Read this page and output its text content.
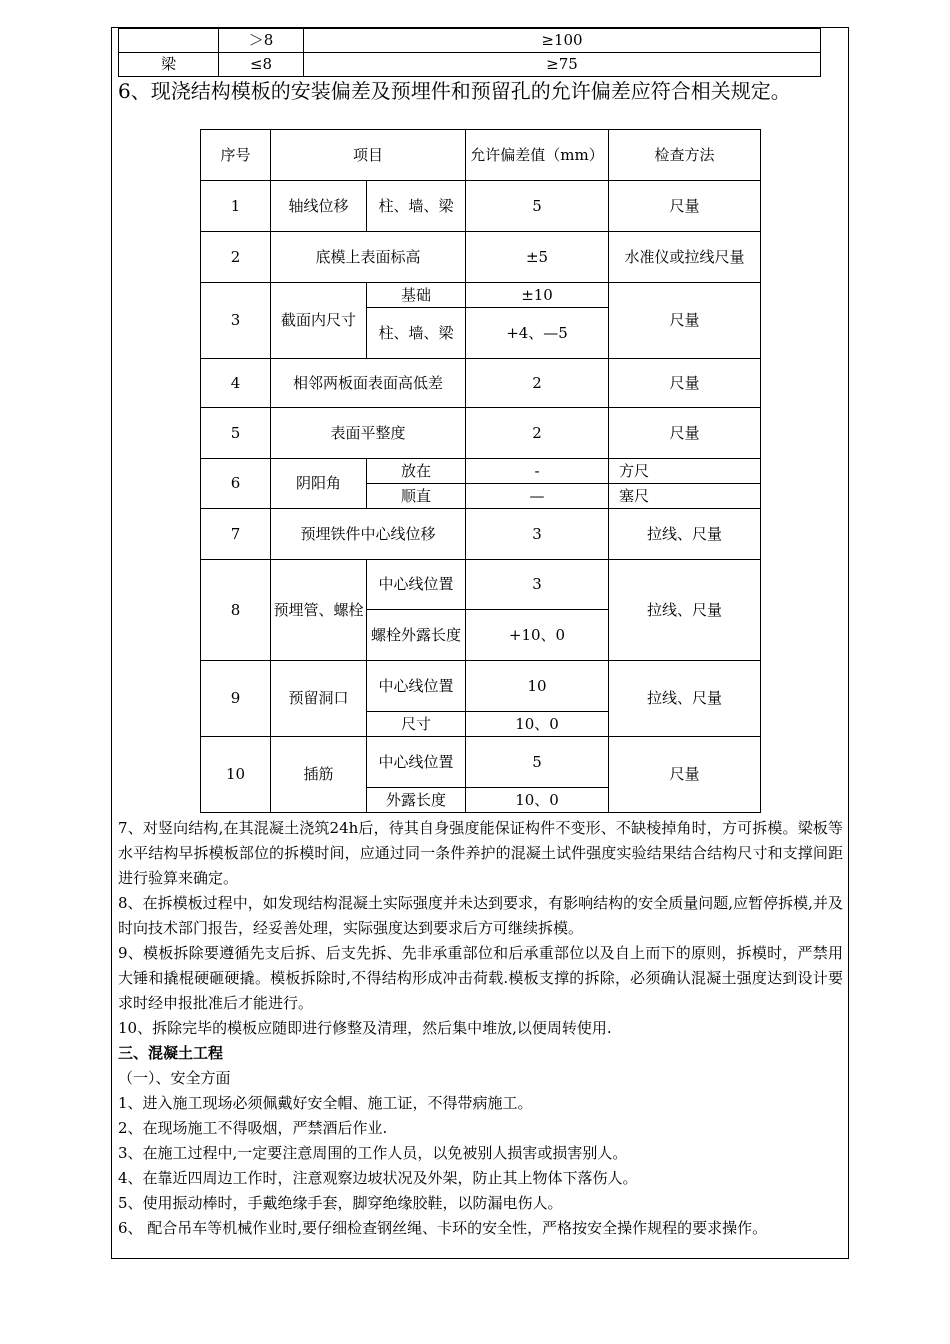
	＞8	≥100
梁	≤8	≥75
6、现浇结构模板的安装偏差及预埋件和预留孔的允许偏差应符合相关规定。
序号	项目		允许偏差值（mm）	检查方法
1	轴线位移	柱、墙、梁	5	尺量
2	底模上表面标高		±5	水准仪或拉线尺量
3	截面内尺寸	基础	±10	尺量
		柱、墙、梁	+4、—5	
4	相邻两板面表面高低差		2	尺量
5	表面平整度		2	尺量
6	阴阳角	放在	-	方尺
		顺直	—	塞尺
7	预埋铁件中心线位移		3	拉线、尺量
8	预埋管、螺栓	中心线位置	3	拉线、尺量
		螺栓外露长度	+10、0	
9	预留洞口	中心线位置	10	拉线、尺量
		尺寸	10、0	
10	插筋	中心线位置	5	尺量
		外露长度	10、0	

7、对竖向结构,在其混凝土浇筑24h后，待其自身强度能保证构件不变形、不缺棱掉角时，方可拆模。梁板等水平结构早拆模板部位的拆模时间，应通过同一条件养护的混凝土试件强度实验结果结合结构尺寸和支撑间距进行验算来确定。

8、在拆模板过程中，如发现结构混凝土实际强度并未达到要求，有影响结构的安全质量问题,应暂停拆模,并及时向技术部门报告，经妥善处理，实际强度达到要求后方可继续拆模。

9、模板拆除要遵循先支后拆、后支先拆、先非承重部位和后承重部位以及自上而下的原则，拆模时，严禁用大锤和撬棍硬砸硬撬。模板拆除时,不得结构形成冲击荷载.模板支撑的拆除，必须确认混凝土强度达到设计要求时经申报批准后才能进行。

10、拆除完毕的模板应随即进行修整及清理，然后集中堆放,以便周转使用.

三、混凝土工程

（一）、安全方面

1、进入施工现场必须佩戴好安全帽、施工证，不得带病施工。

2、在现场施工不得吸烟，严禁酒后作业.

3、在施工过程中,一定要注意周围的工作人员，以免被别人损害或损害别人。

4、在靠近四周边工作时，注意观察边坡状况及外架，防止其上物体下落伤人。

5、使用振动棒时，手戴绝缘手套，脚穿绝缘胶鞋，以防漏电伤人。

6、 配合吊车等机械作业时,要仔细检查钢丝绳、卡环的安全性，严格按安全操作规程的要求操作。
